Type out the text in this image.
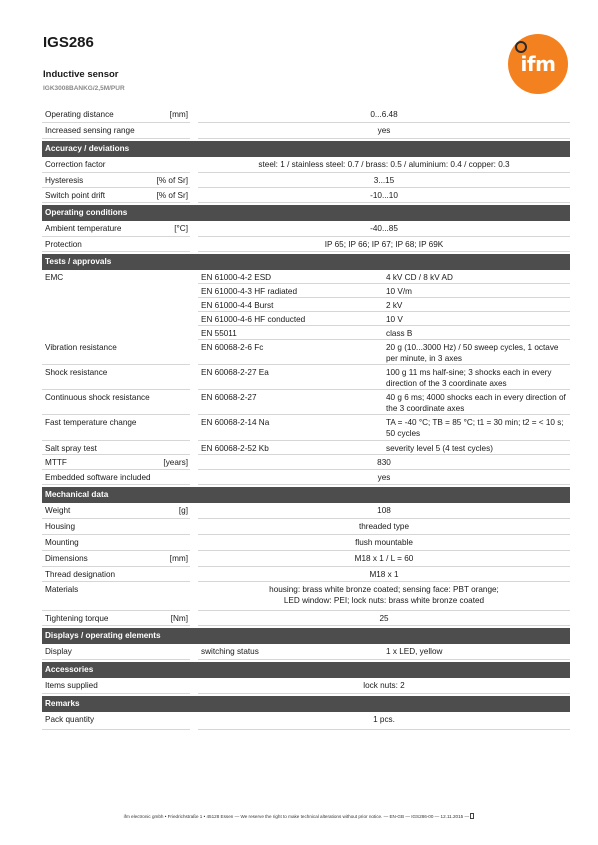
IGS286
Inductive sensor
IGK3008BANKG/2,5M/PUR
ifm
Operating distance	[mm]	0...6.48
Increased sensing range	yes
Accuracy / deviations
Correction factor	steel: 1 / stainless steel: 0.7 / brass: 0.5 / aluminium: 0.4 / copper: 0.3
Hysteresis	[% of Sr]	3...15
Switch point drift	[% of Sr]	-10...10
Operating conditions
Ambient temperature	[°C]	-40...85
Protection	IP 65; IP 66; IP 67; IP 68; IP 69K
Tests / approvals
EMC	EN 61000-4-2 ESD	4 kV CD / 8 kV AD
EN 61000-4-3 HF radiated	10 V/m
EN 61000-4-4 Burst	2 kV
EN 61000-4-6 HF conducted	10 V
EN 55011	class B
Vibration resistance	EN 60068-2-6 Fc	20 g (10...3000 Hz) / 50 sweep cycles, 1 octave per minute, in 3 axes
Shock resistance	EN 60068-2-27 Ea	100 g 11 ms half-sine; 3 shocks each in every direction of the 3 coordinate axes
Continuous shock resistance	EN 60068-2-27	40 g 6 ms; 4000 shocks each in every direction of the 3 coordinate axes
Fast temperature change	EN 60068-2-14 Na	TA = -40 °C; TB = 85 °C; t1 = 30 min; t2 = < 10 s; 50 cycles
Salt spray test	EN 60068-2-52 Kb	severity level 5 (4 test cycles)
MTTF	[years]	830
Embedded software included	yes
Mechanical data
Weight	[g]	108
Housing	threaded type
Mounting	flush mountable
Dimensions	[mm]	M18 x 1 / L = 60
Thread designation	M18 x 1
Materials	housing: brass white bronze coated; sensing face: PBT orange;
LED window: PEI; lock nuts: brass white bronze coated
Tightening torque	[Nm]	25
Displays / operating elements
Display	switching status	1 x LED, yellow
Accessories
Items supplied	lock nuts: 2
Remarks
Pack quantity	1 pcs.
ifm electronic gmbh • Friedrichstraße 1 • 45128 Essen — We reserve the right to make technical alterations without prior notice. — EN-GB — IGS286-00 — 12.11.2015 —
